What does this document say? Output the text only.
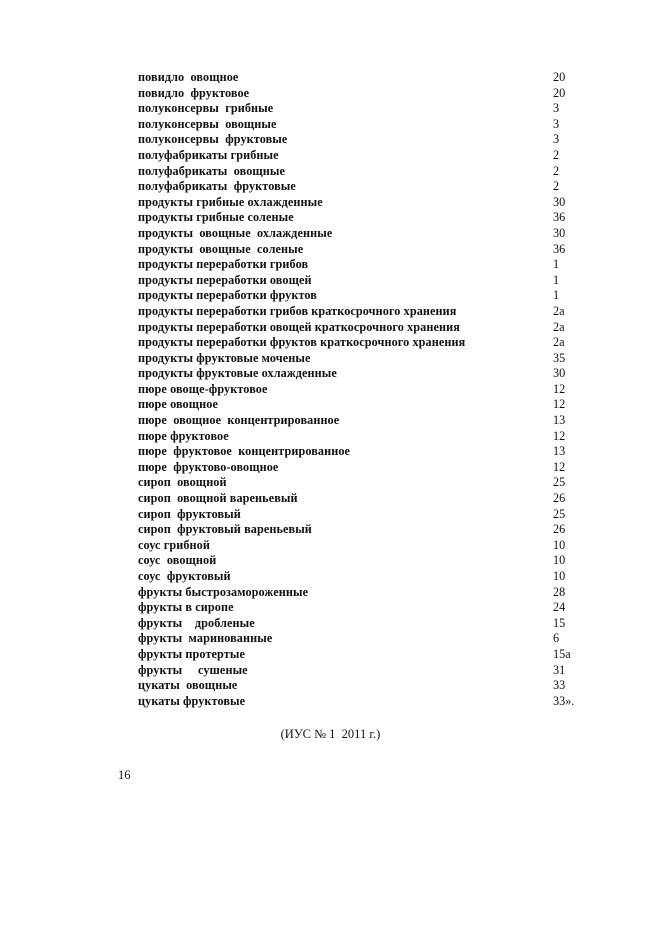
повидло  овощное	20
повидло  фруктовое	20
полуконсервы  грибные	3
полуконсервы  овощные	3
полуконсервы  фруктовые	3
полуфабрикаты грибные	2
полуфабрикаты  овощные	2
полуфабрикаты  фруктовые	2
продукты грибные охлажденные	30
продукты грибные соленые	36
продукты  овощные  охлажденные	30
продукты  овощные  соленые	36
продукты переработки грибов	1
продукты переработки овощей	1
продукты переработки фруктов	1
продукты переработки грибов краткосрочного хранения	2а
продукты переработки овощей краткосрочного хранения	2а
продукты переработки фруктов краткосрочного хранения	2а
продукты фруктовые моченые	35
продукты фруктовые охлажденные	30
пюре овоще-фруктовое	12
пюре овощное	12
пюре  овощное  концентрированное	13
пюре фруктовое	12
пюре  фруктовое  концентрированное	13
пюре  фруктово-овощное	12
сироп  овощной	25
сироп  овощной вареньевый	26
сироп  фруктовый	25
сироп  фруктовый вареньевый	26
соус грибной	10
соус  овощной	10
соус  фруктовый	10
фрукты быстрозамороженные	28
фрукты в сиропе	24
фрукты    дробленые	15
фрукты  маринованные	6
фрукты протертые	15а
фрукты     сушеные	31
цукаты  овощные	33
цукаты фруктовые	33».
(ИУС № 1  2011 г.)
16
